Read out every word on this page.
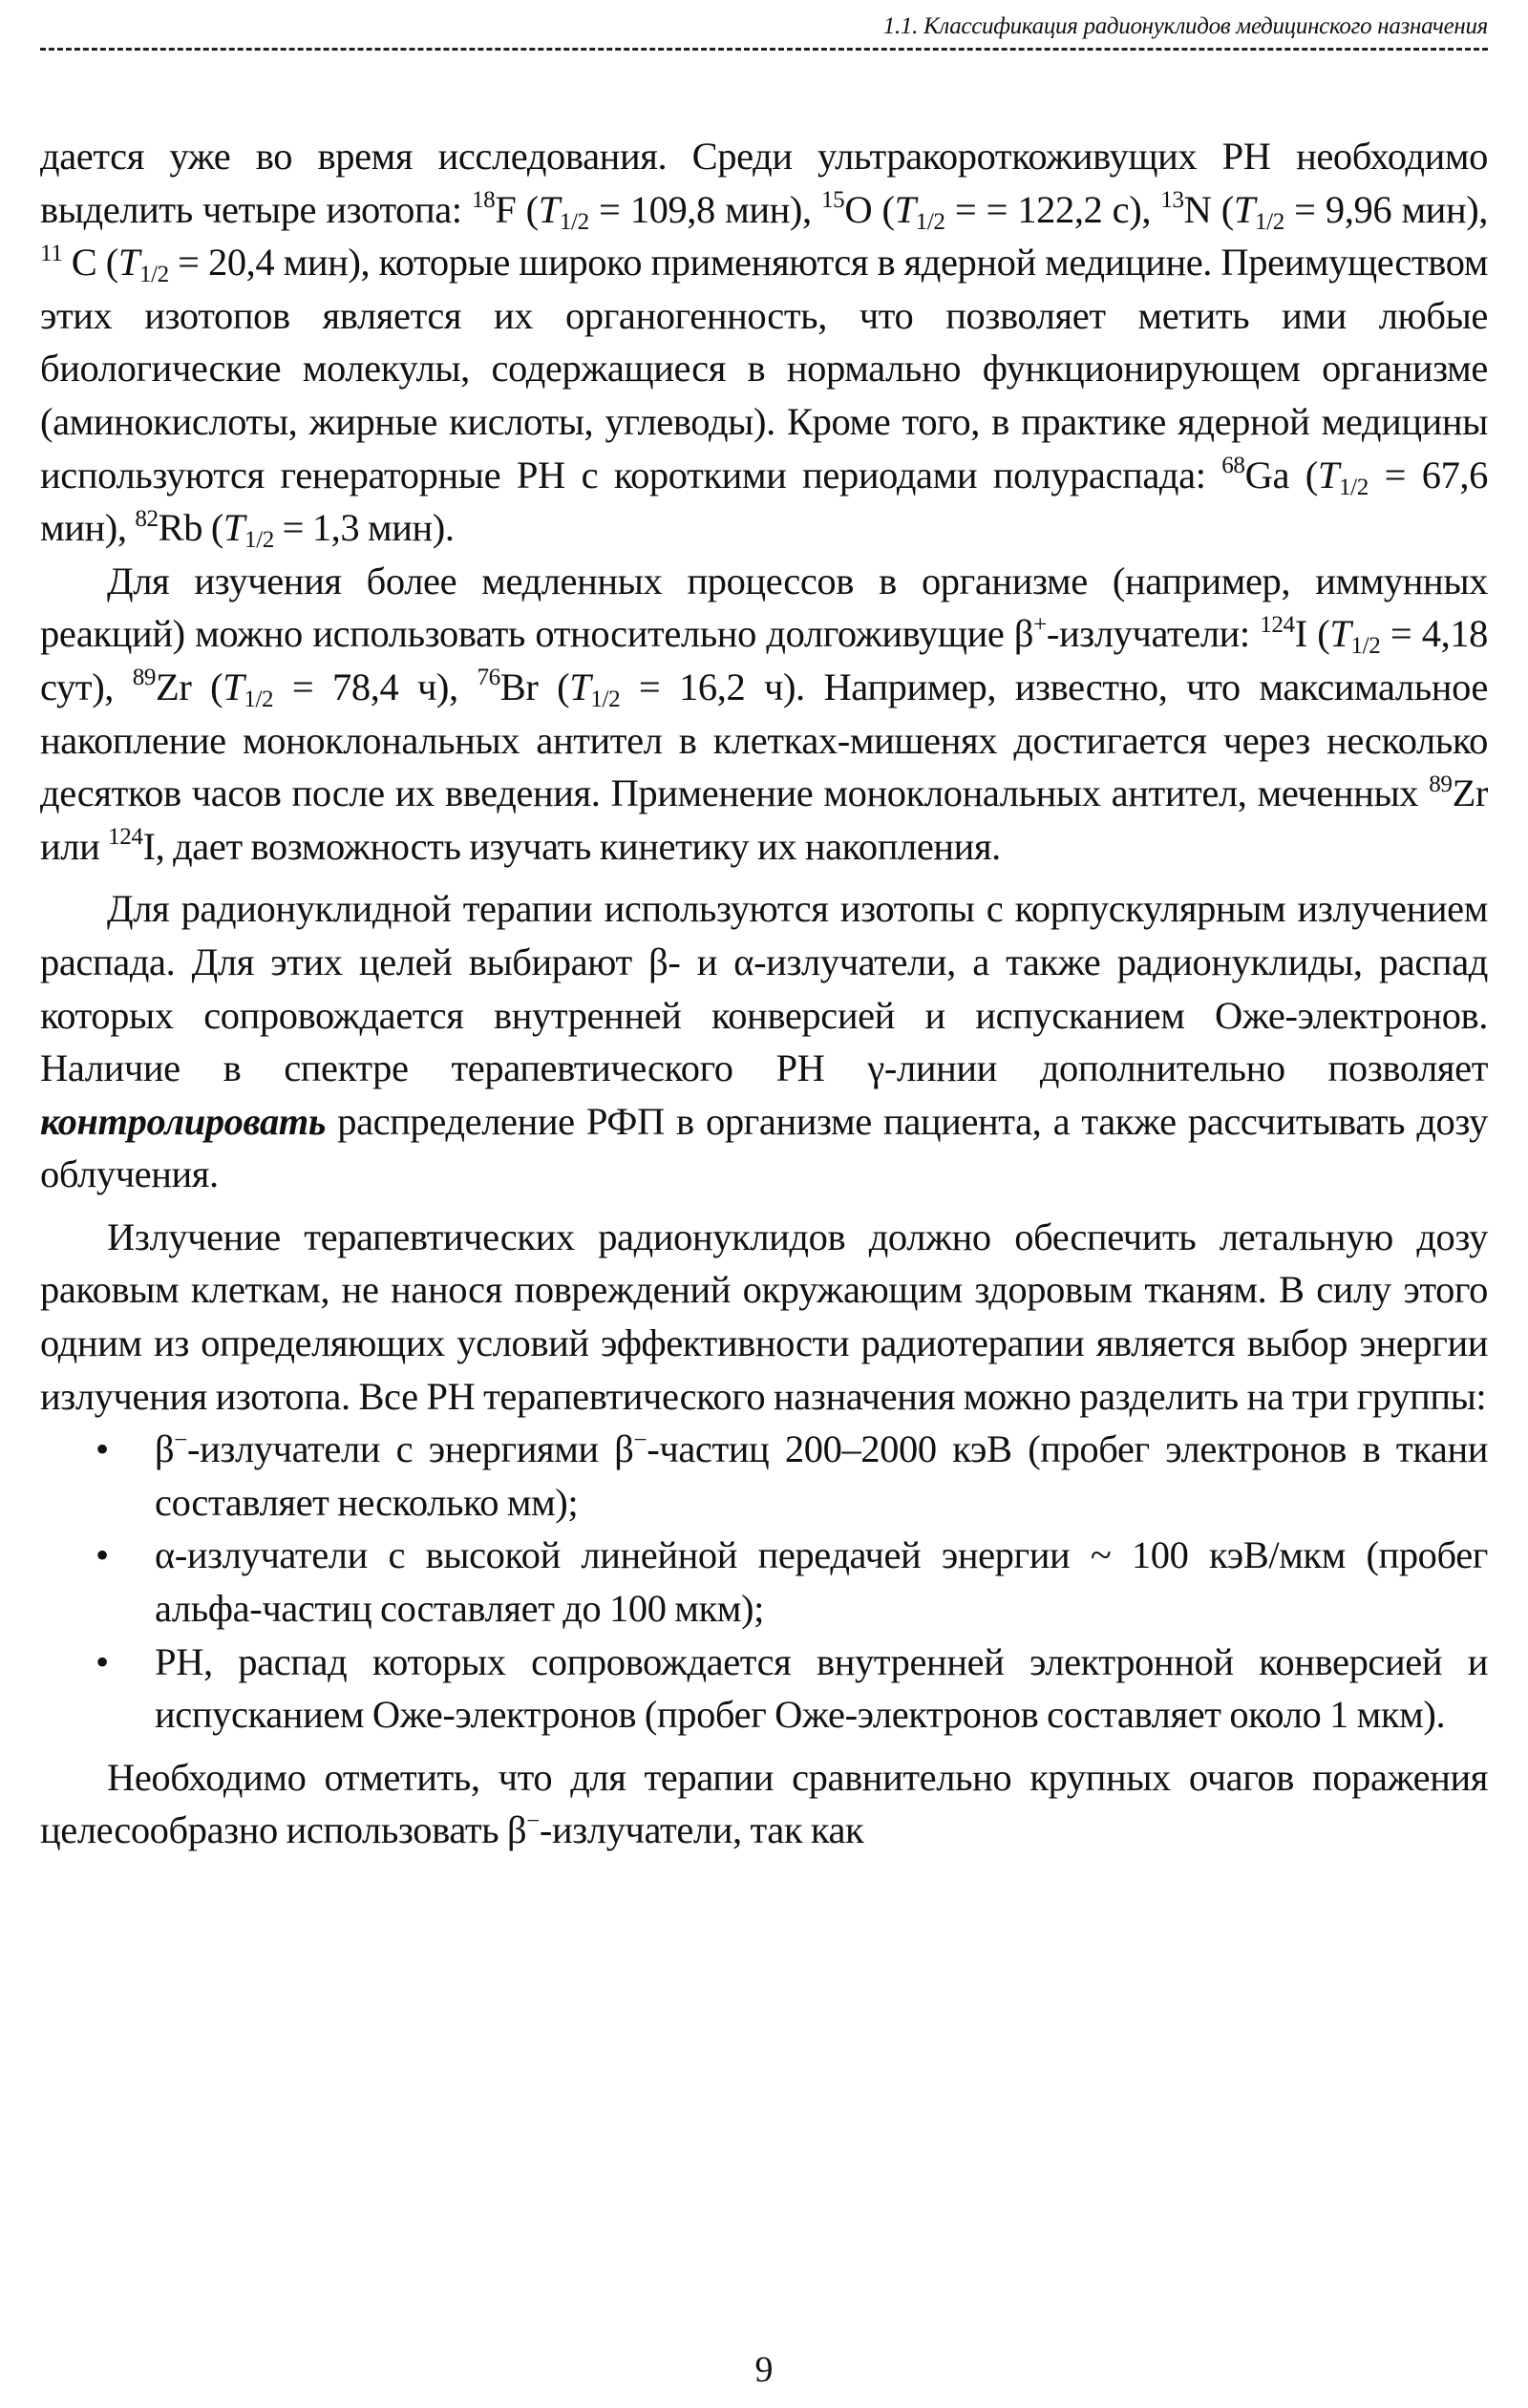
1.1. Классификация радионуклидов медицинского назначения

дается уже во время исследования. Среди ультракороткоживущих РН необходимо выделить четыре изотопа: $^{18}$F ($T_{1/2} = 109,8$ мин), $^{15}$O ($T_{1/2}$ = = 122,2 с), $^{13}$N ($T_{1/2} = 9,96$ мин), $^{11}$ C ($T_{1/2} = 20,4$ мин), которые широко применяются в ядерной медицине. Преимуществом этих изотопов является их органогенность, что позволяет метить ими любые биологические молекулы, содержащиеся в нормально функционирующем организме (аминокислоты, жирные кислоты, углеводы). Кроме того, в практике ядерной медицины используются генераторные РН с короткими периодами полураспада: $^{68}$Ga ($T_{1/2} = 67,6$ мин), $^{82}$Rb ($T_{1/2} = 1,3$ мин).

Для изучения более медленных процессов в организме (например, иммунных реакций) можно использовать относительно долгоживущие β+-излучатели: $^{124}$I ($T_{1/2} = 4,18$ сут), $^{89}$Zr ($T_{1/2} = 78,4$ ч), $^{76}$Br ($T_{1/2} = 16,2$ ч). Например, известно, что максимальное накопление моноклональных антител в клетках-мишенях достигается через несколько десятков часов после их введения. Применение моноклональных антител, меченных $^{89}$Zr или $^{124}$I, дает возможность изучать кинетику их накопления.

Для радионуклидной терапии используются изотопы с корпускулярным излучением распада. Для этих целей выбирают β- и α-излучатели, а также радионуклиды, распад которых сопровождается внутренней конверсией и испусканием Оже-электронов. Наличие в спектре терапевтического РН γ-линии дополнительно позволяет контролировать распределение РФП в организме пациента, а также рассчитывать дозу облучения.

Излучение терапевтических радионуклидов должно обеспечить летальную дозу раковым клеткам, не нанося повреждений окружающим здоровым тканям. В силу этого одним из определяющих условий эффективности радиотерапии является выбор энергии излучения изотопа. Все РН терапевтического назначения можно разделить на три группы:

• β−-излучатели с энергиями β−-частиц 200–2000 кэВ (пробег электронов в ткани составляет несколько мм);
• α-излучатели с высокой линейной передачей энергии ~ 100 кэВ/мкм (пробег альфа-частиц составляет до 100 мкм);
• РН, распад которых сопровождается внутренней электронной конверсией и испусканием Оже-электронов (пробег Оже-электронов составляет около 1 мкм).

Необходимо отметить, что для терапии сравнительно крупных очагов поражения целесообразно использовать β−-излучатели, так как

9
